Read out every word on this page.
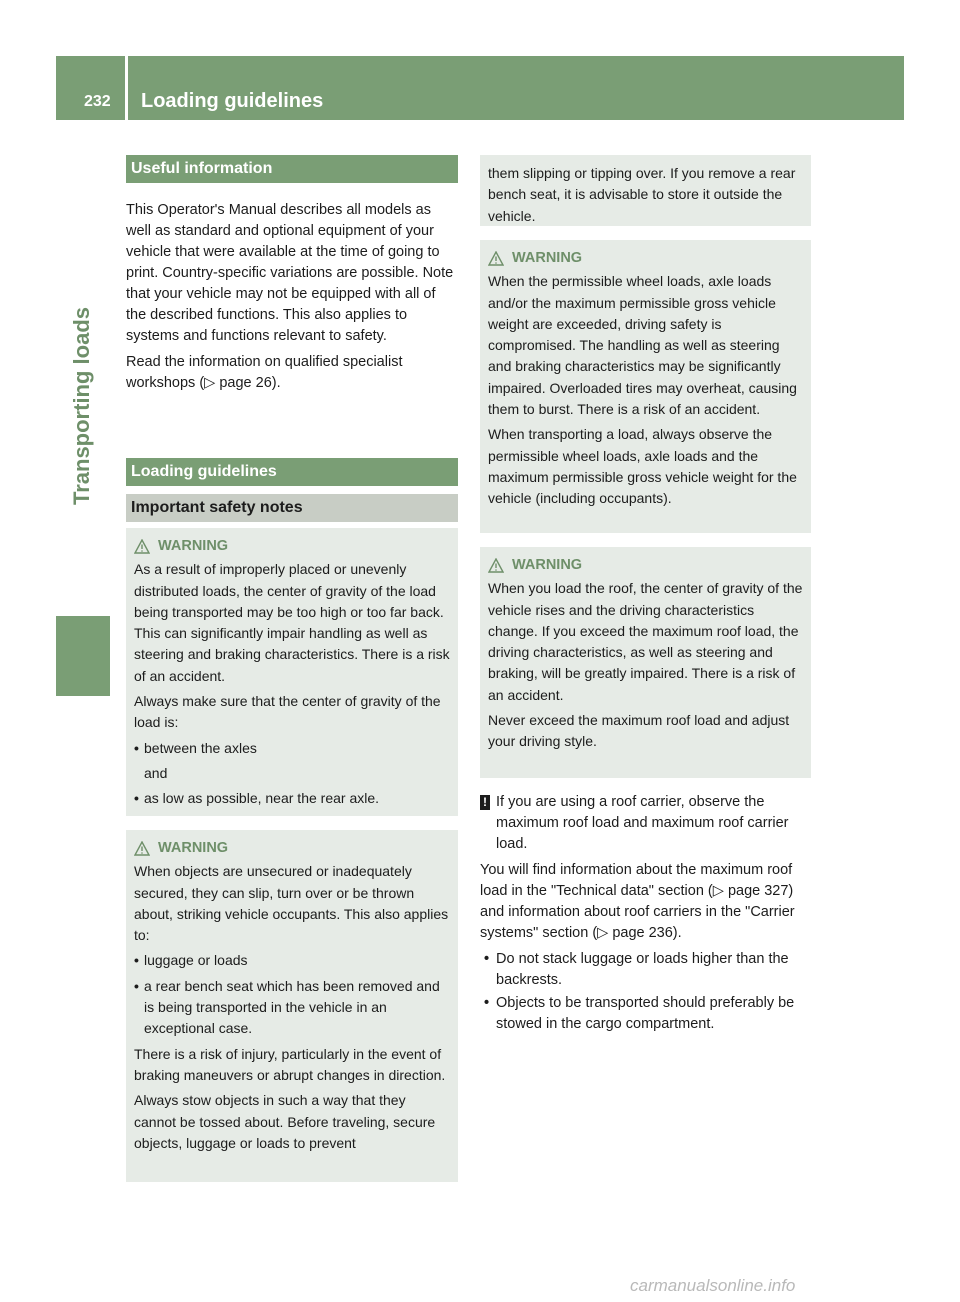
232 Loading guidelines
Transporting loads
Useful information

This Operator's Manual describes all models as well as standard and optional equipment of your vehicle that were available at the time of going to print. Country-specific variations are possible. Note that your vehicle may not be equipped with all of the described functions. This also applies to systems and functions relevant to safety.

Read the information on qualified specialist workshops (▷ page 26).

Loading guidelines
Important safety notes
WARNING

As a result of improperly placed or unevenly distributed loads, the center of gravity of the load being transported may be too high or too far back. This can significantly impair handling as well as steering and braking characteristics. There is a risk of an accident.

Always make sure that the center of gravity of the load is:

• between the axles
and
• as low as possible, near the rear axle.
WARNING

When objects are unsecured or inadequately secured, they can slip, turn over or be thrown about, striking vehicle occupants. This also applies to:

• luggage or loads
• a rear bench seat which has been removed and is being transported in the vehicle in an exceptional case.

There is a risk of injury, particularly in the event of braking maneuvers or abrupt changes in direction.

Always stow objects in such a way that they cannot be tossed about. Before traveling, secure objects, luggage or loads to prevent

them slipping or tipping over. If you remove a rear bench seat, it is advisable to store it outside the vehicle.

WARNING

When the permissible wheel loads, axle loads and/or the maximum permissible gross vehicle weight are exceeded, driving safety is compromised. The handling as well as steering and braking characteristics may be significantly impaired. Overloaded tires may overheat, causing them to burst. There is a risk of an accident.

When transporting a load, always observe the permissible wheel loads, axle loads and the maximum permissible gross vehicle weight for the vehicle (including occupants).

WARNING

When you load the roof, the center of gravity of the vehicle rises and the driving characteristics change. If you exceed the maximum roof load, the driving characteristics, as well as steering and braking, will be greatly impaired. There is a risk of an accident.

Never exceed the maximum roof load and adjust your driving style.

! If you are using a roof carrier, observe the maximum roof load and maximum roof carrier load.

You will find information about the maximum roof load in the "Technical data" section (▷ page 327) and information about roof carriers in the "Carrier systems" section (▷ page 236).

• Do not stack luggage or loads higher than the backrests.
• Objects to be transported should preferably be stowed in the cargo compartment.
carmanualsonline.info
